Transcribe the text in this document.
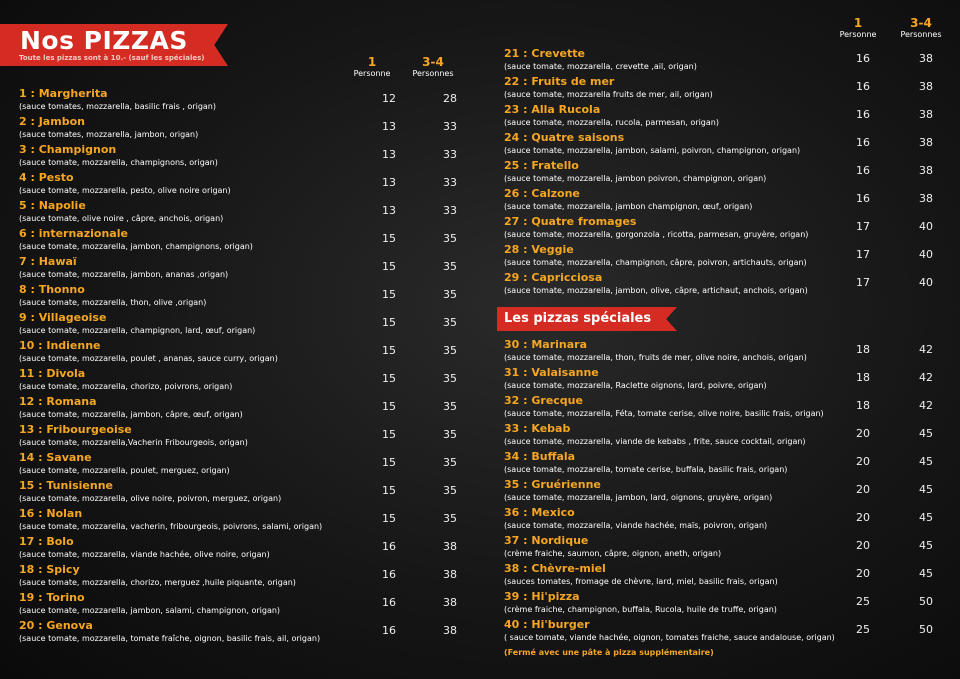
Nos PIZZAS
Toute les pizzas sont à 10.- (sauf les spéciales)	1
Personne
3-4
Personnes
1
Personne
3-4
Personnes
1 : Margherita
(sauce tomates, mozzarella, basilic frais , origan)
12	28
2 : Jambon
(sauce tomates, mozzarella, jambon, origan)
13	33
3 : Champignon
(sauce tomate, mozzarella, champignons, origan)
13	33
4 : Pesto
(sauce tomate, mozzarella, pesto, olive noire origan)
13	33
5 : Napolie
(sauce tomate, olive noire , câpre, anchois, origan)
13	33
6 : internazionale
(sauce tomate, mozzarella, jambon, champignons, origan)
15	35
7 : Hawaï
(sauce tomate, mozzarella, jambon, ananas ,origan)
15	35
8 : Thonno
(sauce tomate, mozzarella, thon, olive ,origan)
15	35
9 : Villageoise
(sauce tomate, mozzarella, champignon, lard, œuf, origan)
15	35
10 : Indienne
(sauce tomate, mozzarella, poulet , ananas, sauce curry, origan)
15	35
11 : Divola
(sauce tomate, mozzarella, chorizo, poivrons, origan)
15	35
12 : Romana
(sauce tomate, mozzarella, jambon, câpre, œuf, origan)
15	35
13 : Fribourgeoise
(sauce tomate, mozzarella,Vacherin Fribourgeois, origan)
15	35
14 : Savane
(sauce tomate, mozzarella, poulet, merguez, origan)
15	35
15 : Tunisienne
(sauce tomate, mozzarella, olive noire, poivron, merguez, origan)
15	35
16 : Nolan
(sauce tomate, mozzarella, vacherin, fribourgeois, poivrons, salami, origan)
15	35
17 : Bolo
(sauce tomate, mozzarella, viande hachée, olive noire, origan)
16	38
18 : Spicy
(sauce tomate, mozzarella, chorizo, merguez ,huile piquante, origan)
16	38
19 : Torino
(sauce tomate, mozzarella, jambon, salami, champignon, origan)
16	38
20 : Genova
(sauce tomate, mozzarella, tomate fraîche, oignon, basilic frais, ail, origan)
16	38
21 : Crevette
(sauce tomate, mozzarella, crevette ,ail, origan)
16	38
22 : Fruits de mer
(sauce tomate, mozzarella fruits de mer, ail, origan)
16	38
23 : Alla Rucola
(sauce tomate, mozzarella, rucola, parmesan, origan)
16	38
24 : Quatre saisons
(sauce tomate, mozzarella, jambon, salami, poivron, champignon, origan)
16	38
25 : Fratello
(sauce tomate, mozzarella, jambon poivron, champignon, origan)
16	38
26 : Calzone
(sauce tomate, mozzarella, jambon champignon, œuf, origan)
16	38
27 : Quatre fromages
(sauce tomate, mozzarella, gorgonzola , ricotta, parmesan, gruyère, origan)
17	40
28 : Veggie
(sauce tomate, mozzarella, champignon, câpre, poivron, artichauts, origan)
17	40
29 : Capricciosa
(sauce tomate, mozzarella, jambon, olive, câpre, artichaut, anchois, origan)
17	40
Les pizzas spéciales
30 : Marinara
(sauce tomate, mozzarella, thon, fruits de mer, olive noire, anchois, origan)
18	42
31 : Valaisanne
(sauce tomate, mozzarella, Raclette oignons, lard, poivre, origan)
18	42
32 : Grecque
(sauce tomate, mozzarella, Féta, tomate cerise, olive noire, basilic frais, origan)
18	42
33 : Kebab
(sauce tomate, mozzarella, viande de kebabs , frite, sauce cocktail, origan)
20	45
34 : Buffala
(sauce tomate, mozzarella, tomate cerise, buffala, basilic frais, origan)
20	45
35 : Gruérienne
(sauce tomate, mozzarella, jambon, lard, oignons, gruyère, origan)
20	45
36 : Mexico
(sauce tomate, mozzarella, viande hachée, maïs, poivron, origan)
20	45
37 : Nordique
(crème fraiche, saumon, câpre, oignon, aneth, origan)
20	45
38 : Chèvre-miel
(sauces tomates, fromage de chèvre, lard, miel, basilic frais, origan)
20	45
39 : Hi'pizza
(crème fraiche, champignon, buffala, Rucola, huile de truffe, origan)
25	50
40 : Hi'burger
( sauce tomate, viande hachée, oignon, tomates fraiche, sauce andalouse, origan)
25	50
(Fermé avec une pâte à pizza supplémentaire)
